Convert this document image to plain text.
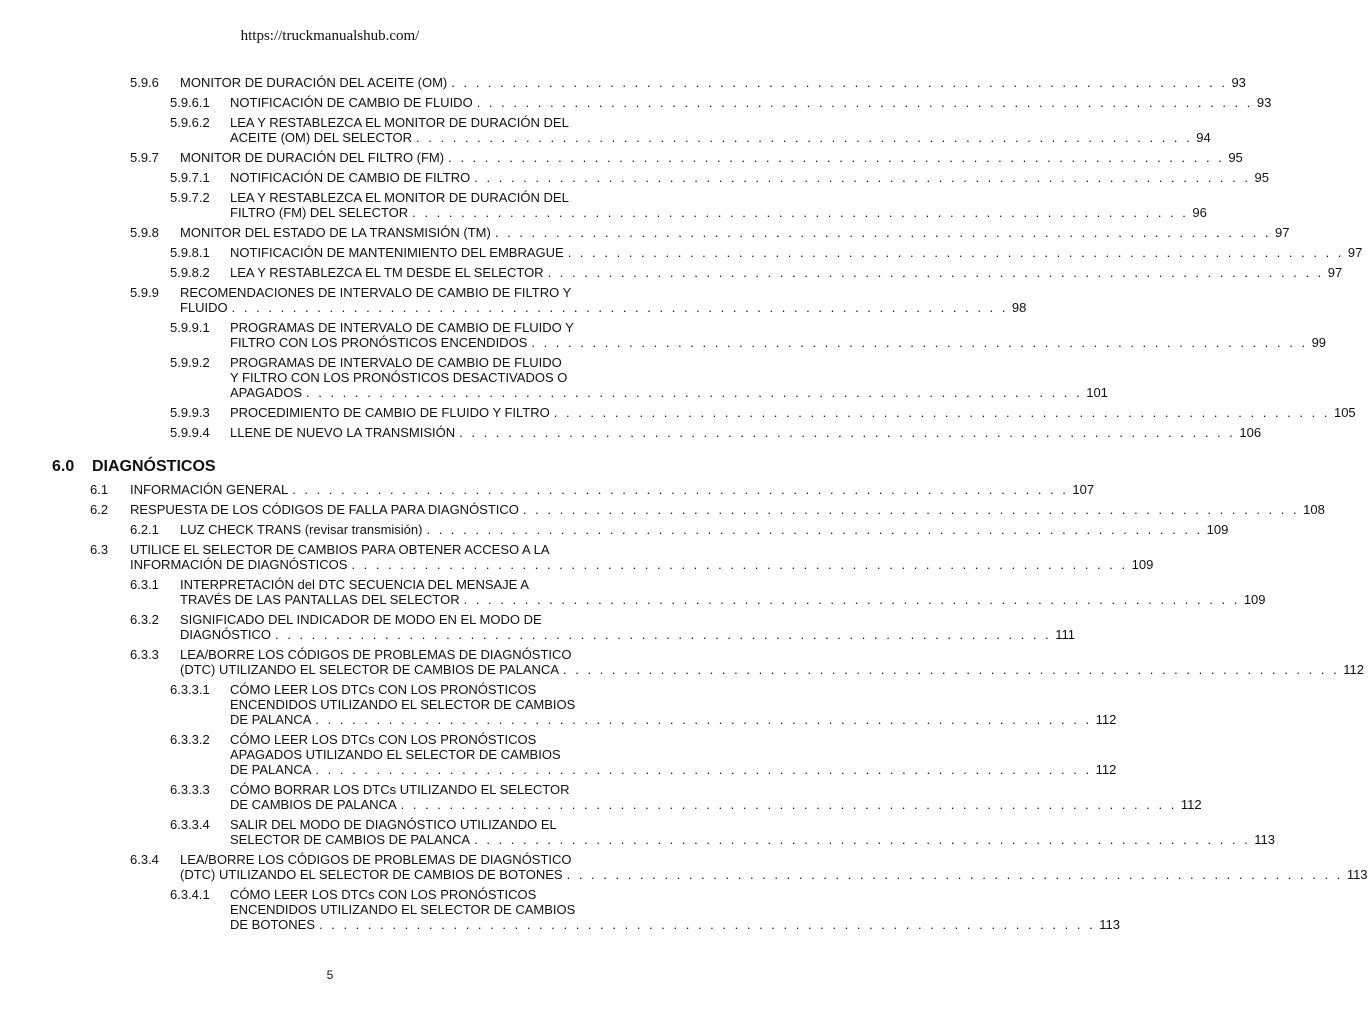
https://truckmanualshub.com/
5.9.6 MONITOR DE DURACIÓN DEL ACEITE (OM) . . . . . . . . . . . . . . . . . . . . . . . . . . . . . . . . . . . . . . . . . . . . . . . . . . . . . . . . . . . . . . . . 93
5.9.6.1 NOTIFICACIÓN DE CAMBIO DE FLUIDO . . . . . . . . . . . . . . . . . . . . . . . . . . . . . . . . . . . . . . . . . . . . . . . . . . . . . . . . . . . . . . . . 93
5.9.6.2 LEA Y RESTABLEZCA EL MONITOR DE DURACIÓN DEL
ACEITE (OM) DEL SELECTOR . . . . . . . . . . . . . . . . . . . . . . . . . . . . . . . . . . . . . . . . . . . . . . . . . . . . . . . . . . . . . . . . 94
5.9.7 MONITOR DE DURACIÓN DEL FILTRO (FM) . . . . . . . . . . . . . . . . . . . . . . . . . . . . . . . . . . . . . . . . . . . . . . . . . . . . . . . . . . . . . . . . 95
5.9.7.1 NOTIFICACIÓN DE CAMBIO DE FILTRO . . . . . . . . . . . . . . . . . . . . . . . . . . . . . . . . . . . . . . . . . . . . . . . . . . . . . . . . . . . . . . . . 95
5.9.7.2 LEA Y RESTABLEZCA EL MONITOR DE DURACIÓN DEL
FILTRO (FM) DEL SELECTOR . . . . . . . . . . . . . . . . . . . . . . . . . . . . . . . . . . . . . . . . . . . . . . . . . . . . . . . . . . . . . . . . 96
5.9.8 MONITOR DEL ESTADO DE LA TRANSMISIÓN (TM) . . . . . . . . . . . . . . . . . . . . . . . . . . . . . . . . . . . . . . . . . . . . . . . . . . . . . . . . . . . . . . . . 97
5.9.8.1 NOTIFICACIÓN DE MANTENIMIENTO DEL EMBRAGUE . . . . . . . . . . . . . . . . . . . . . . . . . . . . . . . . . . . . . . . . . . . . . . . . . . . . . . . . . . . . . . . . 97
5.9.8.2 LEA Y RESTABLEZCA EL TM DESDE EL SELECTOR . . . . . . . . . . . . . . . . . . . . . . . . . . . . . . . . . . . . . . . . . . . . . . . . . . . . . . . . . . . . . . . . 97
5.9.9 RECOMENDACIONES DE INTERVALO DE CAMBIO DE FILTRO Y
FLUIDO . . . . . . . . . . . . . . . . . . . . . . . . . . . . . . . . . . . . . . . . . . . . . . . . . . . . . . . . . . . . . . . . 98
5.9.9.1 PROGRAMAS DE INTERVALO DE CAMBIO DE FLUIDO Y
FILTRO CON LOS PRONÓSTICOS ENCENDIDOS . . . . . . . . . . . . . . . . . . . . . . . . . . . . . . . . . . . . . . . . . . . . . . . . . . . . . . . . . . . . . . . . 99
5.9.9.2 PROGRAMAS DE INTERVALO DE CAMBIO DE FLUIDO
Y FILTRO CON LOS PRONÓSTICOS DESACTIVADOS O
APAGADOS . . . . . . . . . . . . . . . . . . . . . . . . . . . . . . . . . . . . . . . . . . . . . . . . . . . . . . . . . . . . . . . . 101
5.9.9.3 PROCEDIMIENTO DE CAMBIO DE FLUIDO Y FILTRO . . . . . . . . . . . . . . . . . . . . . . . . . . . . . . . . . . . . . . . . . . . . . . . . . . . . . . . . . . . . . . . . 105
5.9.9.4 LLENE DE NUEVO LA TRANSMISIÓN . . . . . . . . . . . . . . . . . . . . . . . . . . . . . . . . . . . . . . . . . . . . . . . . . . . . . . . . . . . . . . . . 106
6.0 DIAGNÓSTICOS
6.1 INFORMACIÓN GENERAL . . . . . . . . . . . . . . . . . . . . . . . . . . . . . . . . . . . . . . . . . . . . . . . . . . . . . . . . . . . . . . . . 107
6.2 RESPUESTA DE LOS CÓDIGOS DE FALLA PARA DIAGNÓSTICO . . . . . . . . . . . . . . . . . . . . . . . . . . . . . . . . . . . . . . . . . . . . . . . . . . . . . . . . . . . . . . . . 108
6.2.1 LUZ CHECK TRANS (revisar transmisión) . . . . . . . . . . . . . . . . . . . . . . . . . . . . . . . . . . . . . . . . . . . . . . . . . . . . . . . . . . . . . . . . 109
6.3 UTILICE EL SELECTOR DE CAMBIOS PARA OBTENER ACCESO A LA
INFORMACIÓN DE DIAGNÓSTICOS . . . . . . . . . . . . . . . . . . . . . . . . . . . . . . . . . . . . . . . . . . . . . . . . . . . . . . . . . . . . . . . . 109
6.3.1 INTERPRETACIÓN del DTC SECUENCIA DEL MENSAJE A
TRAVÉS DE LAS PANTALLAS DEL SELECTOR . . . . . . . . . . . . . . . . . . . . . . . . . . . . . . . . . . . . . . . . . . . . . . . . . . . . . . . . . . . . . . . . 109
6.3.2 SIGNIFICADO DEL INDICADOR DE MODO EN EL MODO DE
DIAGNÓSTICO . . . . . . . . . . . . . . . . . . . . . . . . . . . . . . . . . . . . . . . . . . . . . . . . . . . . . . . . . . . . . . . . 111
6.3.3 LEA/BORRE LOS CÓDIGOS DE PROBLEMAS DE DIAGNÓSTICO
(DTC) UTILIZANDO EL SELECTOR DE CAMBIOS DE PALANCA . . . . . . . . . . . . . . . . . . . . . . . . . . . . . . . . . . . . . . . . . . . . . . . . . . . . . . . . . . . . . . . . 112
6.3.3.1 CÓMO LEER LOS DTCs CON LOS PRONÓSTICOS
ENCENDIDOS UTILIZANDO EL SELECTOR DE CAMBIOS
DE PALANCA . . . . . . . . . . . . . . . . . . . . . . . . . . . . . . . . . . . . . . . . . . . . . . . . . . . . . . . . . . . . . . . . 112
6.3.3.2 CÓMO LEER LOS DTCs CON LOS PRONÓSTICOS
APAGADOS UTILIZANDO EL SELECTOR DE CAMBIOS
DE PALANCA . . . . . . . . . . . . . . . . . . . . . . . . . . . . . . . . . . . . . . . . . . . . . . . . . . . . . . . . . . . . . . . . 112
6.3.3.3 CÓMO BORRAR LOS DTCs UTILIZANDO EL SELECTOR
DE CAMBIOS DE PALANCA . . . . . . . . . . . . . . . . . . . . . . . . . . . . . . . . . . . . . . . . . . . . . . . . . . . . . . . . . . . . . . . . 112
6.3.3.4 SALIR DEL MODO DE DIAGNÓSTICO UTILIZANDO EL
SELECTOR DE CAMBIOS DE PALANCA . . . . . . . . . . . . . . . . . . . . . . . . . . . . . . . . . . . . . . . . . . . . . . . . . . . . . . . . . . . . . . . . 113
6.3.4 LEA/BORRE LOS CÓDIGOS DE PROBLEMAS DE DIAGNÓSTICO
(DTC) UTILIZANDO EL SELECTOR DE CAMBIOS DE BOTONES . . . . . . . . . . . . . . . . . . . . . . . . . . . . . . . . . . . . . . . . . . . . . . . . . . . . . . . . . . . . . . . . 113
6.3.4.1 CÓMO LEER LOS DTCs CON LOS PRONÓSTICOS
ENCENDIDOS UTILIZANDO EL SELECTOR DE CAMBIOS
DE BOTONES . . . . . . . . . . . . . . . . . . . . . . . . . . . . . . . . . . . . . . . . . . . . . . . . . . . . . . . . . . . . . . . . 113
5
